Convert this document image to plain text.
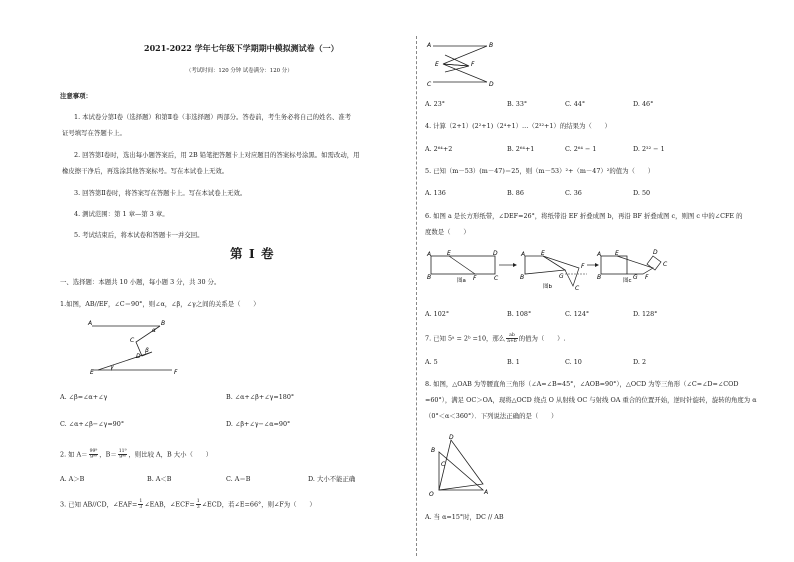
2021-2022 学年七年级下学期期中模拟测试卷（一）
（考试时间：120 分钟 试卷满分：120 分）
注意事项：
1. 本试卷分第Ⅰ卷（选择题）和第Ⅱ卷（非选择题）两部分。答卷前，考生务必将自己的姓名、准考
证号填写在答题卡上。
2. 回答第Ⅰ卷时，选出每小题答案后，用 2B 铅笔把答题卡上对应题目的答案标号涂黑。如需改动，用
橡皮擦干净后，再选涂其他答案标号。写在本试卷上无效。
3. 回答第Ⅱ卷时，将答案写在答题卡上。写在本试卷上无效。
4. 测试范围：第 1 章—第 3 章。
5. 考试结束后，将本试卷和答题卡一并交回。
第 I 卷
一、选择题：本题共 10 小题，每小题 3 分，共 30 分。
1.如图，AB//EF，∠C＝90°，则∠α，∠β，∠γ之间的关系是（　　）
A	B
C
D
E	F
α
β
γ
A. ∠β=∠α+∠γ	B. ∠α+∠β+∠γ=180°
C. ∠α+∠β−∠γ=90°	D. ∠β+∠γ−∠α=90°
2. 如 $A= \frac{\text{99⁹}}{\text{9⁹⁹}}$ ，$B= \frac{\text{11⁹}}{\text{9⁹⁰}}$ ，则比较 A，B 大小（　　）
A. A＞B	B. A＜B	C. A＝B	D. 大小不能正确
3. 已知 AB//CD，∠EAF= $\frac{1}{3}$ ∠EAB，∠ECF= $\frac{1}{3}$ ∠ECD，若∠E=66°，则∠F为（　　）
A	B
E	F
C	D
A. 23°	B. 33°	C. 44°	D. 46°
4. 计算（2+1）(2²+1)（2⁴+1）…（2³²+1）的结果为（　　）
A. 2⁶⁴+2	B. 2⁶⁴+1	C. 2⁶⁴ − 1	D. 2³² − 1
5. 已知（m－53）(m－47)＝25，则（m－53）²+（m－47）²的值为（　　）
A. 136	B. 86	C. 36	D. 50
6. 如图 a 是长方形纸带，∠DEF=26°，将纸带沿 EF 折叠成图 b，再沿 BF 折叠成图 c，则图 c 中的∠CFE 的
度数是（　　）
A	E	D
B	F	C
图a
A	E
B	G
F
C
图b
A E	D
C
B	G F
图c
A. 102°	B. 108°	C. 124°	D. 128°
7. 已知 5ᵃ = 2ᵇ =10，那么 $\frac{ab}{a+b}$ 的值为（　　）.
A. 5	B. 1	C. 10	D. 2
8. 如图，△OAB 为等腰直角三角形（∠A=∠B=45°，∠AOB=90°），△OCD 为等三角形（∠C=∠D=∠COD
=60°），满足 OC＞OA，现将△OCD 绕点 O 从射线 OC 与射线 OA 重合的位置开始，逆时针旋转，旋转的角度为 α
（0°＜α＜360°）．下列说法正确的是（　　）
D
B
C
O	A
A. 当 α=15°时，DC // AB
